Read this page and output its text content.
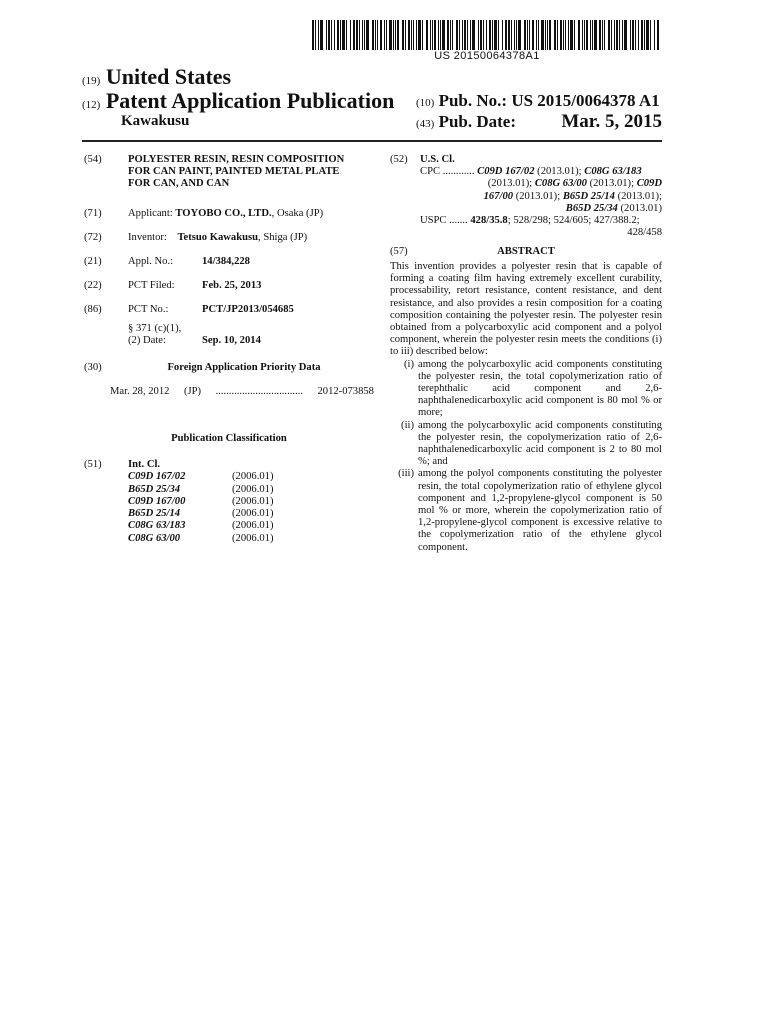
US 20150064378A1
(19) United States
(12) Patent Application Publication
Kawakusu
(10) Pub. No.: US 2015/0064378 A1
(43) Pub. Date: Mar. 5, 2015
(54) POLYESTER RESIN, RESIN COMPOSITION FOR CAN PAINT, PAINTED METAL PLATE FOR CAN, AND CAN
(71) Applicant: TOYOBO CO., LTD., Osaka (JP)
(72) Inventor: Tetsuo Kawakusu, Shiga (JP)
(21) Appl. No.:	14/384,228
(22) PCT Filed:	Feb. 25, 2013
(86) PCT No.:	PCT/JP2013/054685
§ 371 (c)(1),
(2) Date:	Sep. 10, 2014
(30)	Foreign Application Priority Data
Mar. 28, 2012 (JP) ................................. 2012-073858
Publication Classification
(51) Int. Cl.
C09D 167/02	(2006.01)
B65D 25/34	(2006.01)
C09D 167/00	(2006.01)
B65D 25/14	(2006.01)
C08G 63/183	(2006.01)
C08G 63/00	(2006.01)
(52) U.S. Cl.
CPC ............ C09D 167/02 (2013.01); C08G 63/183
(2013.01); C08G 63/00 (2013.01); C09D
167/00 (2013.01); B65D 25/14 (2013.01);
B65D 25/34 (2013.01)
USPC ....... 428/35.8; 528/298; 524/605; 427/388.2;
428/458
(57)	ABSTRACT

This invention provides a polyester resin that is capable of forming a coating film having extremely excellent curability, processability, retort resistance, content resistance, and dent resistance, and also provides a resin composition for a coating composition containing the polyester resin. The polyester resin obtained from a polycarboxylic acid component and a polyol component, wherein the polyester resin meets the conditions (i) to iii) described below:

(i) among the polycarboxylic acid components constituting the polyester resin, the total copolymerization ratio of terephthalic acid component and 2,6-naphthalenedicarboxylic acid component is 80 mol % or more;
(ii) among the polycarboxylic acid components constituting the polyester resin, the copolymerization ratio of 2,6-naphthalenedicarboxylic acid component is 2 to 80 mol %; and
(iii) among the polyol components constituting the polyester resin, the total copolymerization ratio of ethylene glycol component and 1,2-propylene-glycol component is 50 mol % or more, wherein the copolymerization ratio of 1,2-propylene-glycol component is excessive relative to the copolymerization ratio of the ethylene glycol component.
